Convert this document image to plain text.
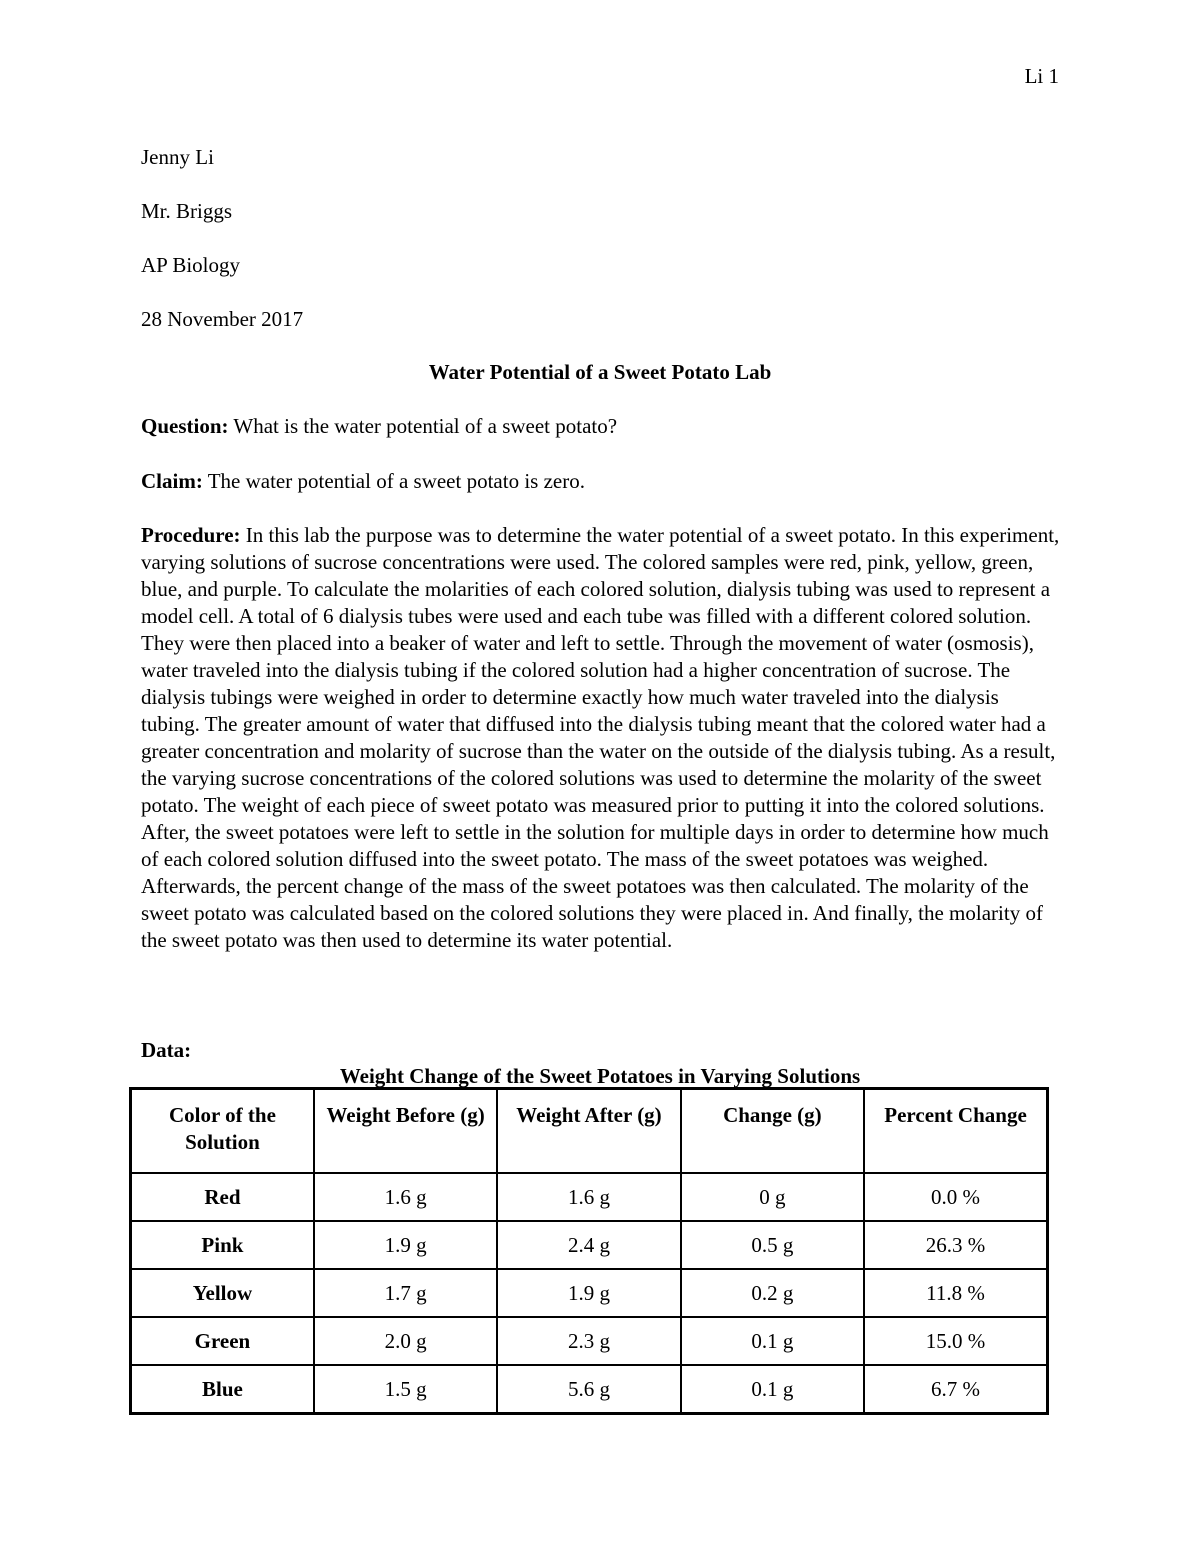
Li 1
Jenny Li
Mr. Briggs
AP Biology
28 November 2017
Water Potential of a Sweet Potato Lab
Question: What is the water potential of a sweet potato?
Claim: The water potential of a sweet potato is zero.
Procedure: In this lab the purpose was to determine the water potential of a sweet potato. In this experiment, varying solutions of sucrose concentrations were used. The colored samples were red, pink, yellow, green, blue, and purple. To calculate the molarities of each colored solution, dialysis tubing was used to represent a model cell. A total of 6 dialysis tubes were used and each tube was filled with a different colored solution. They were then placed into a beaker of water and left to settle. Through the movement of water (osmosis), water traveled into the dialysis tubing if the colored solution had a higher concentration of sucrose. The dialysis tubings were weighed in order to determine exactly how much water traveled into the dialysis tubing. The greater amount of water that diffused into the dialysis tubing meant that the colored water had a greater concentration and molarity of sucrose than the water on the outside of the dialysis tubing. As a result, the varying sucrose concentrations of the colored solutions was used to determine the molarity of the sweet potato. The weight of each piece of sweet potato was measured prior to putting it into the colored solutions. After, the sweet potatoes were left to settle in the solution for multiple days in order to determine how much of each colored solution diffused into the sweet potato. The mass of the sweet potatoes was weighed. Afterwards, the percent change of the mass of the sweet potatoes was then calculated. The molarity of the sweet potato was calculated based on the colored solutions they were placed in. And finally, the molarity of the sweet potato was then used to determine its water potential.
Data:
Weight Change of the Sweet Potatoes in Varying Solutions
Color of the Solution	Weight Before (g)	Weight After (g)	Change (g)	Percent Change
Red	1.6 g	1.6 g	0 g	0.0 %
Pink	1.9 g	2.4 g	0.5 g	26.3 %
Yellow	1.7 g	1.9 g	0.2 g	11.8 %
Green	2.0 g	2.3 g	0.1 g	15.0 %
Blue	1.5 g	5.6 g	0.1 g	6.7 %
